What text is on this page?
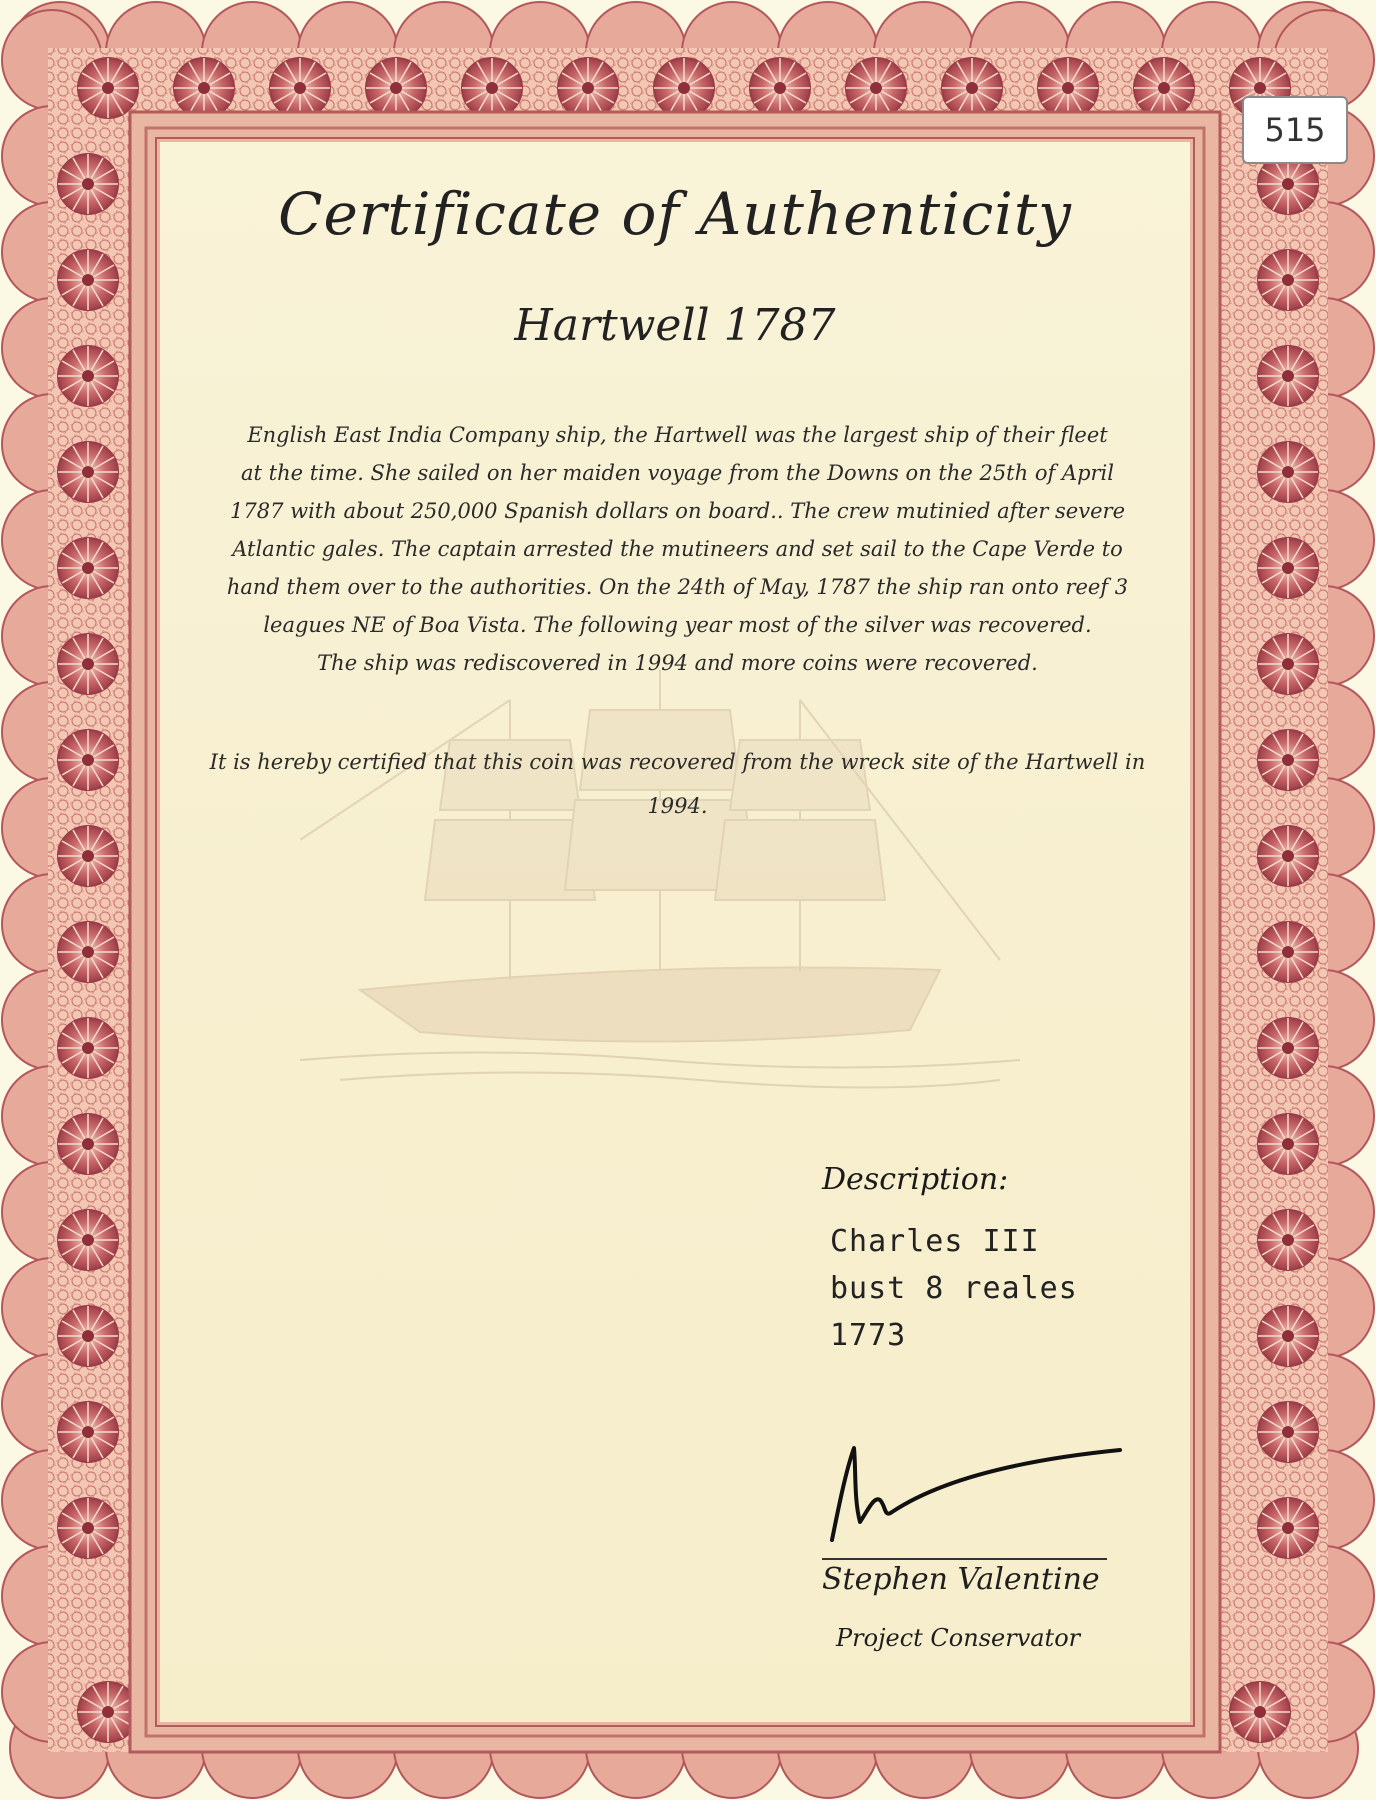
Certificate of Authenticity
Hartwell 1787
English East India Company ship, the Hartwell was the largest ship of their fleet
at the time. She sailed on her maiden voyage from the Downs on the 25th of April
1787 with about 250,000 Spanish dollars on board.. The crew mutinied after severe
Atlantic gales. The captain arrested the mutineers and set sail to the Cape Verde to
hand them over to the authorities. On the 24th of May, 1787 the ship ran onto reef 3
leagues NE of Boa Vista. The following year most of the silver was recovered.
The ship was rediscovered in 1994 and more coins were recovered.
It is hereby certified that this coin was recovered from the wreck site of the Hartwell in
1994.
Description:
Charles III
bust 8 reales
1773
Stephen Valentine
Project Conservator
515
